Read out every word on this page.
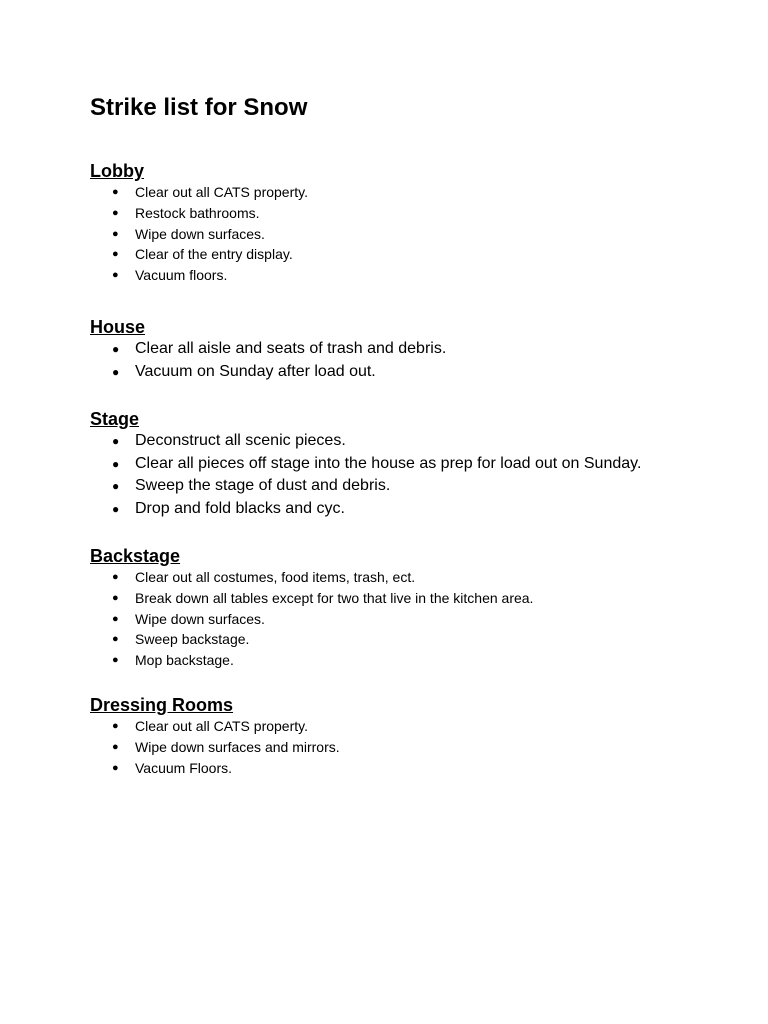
Strike list for Snow
Lobby
● Clear out all CATS property.
● Restock bathrooms.
● Wipe down surfaces.
● Clear of the entry display.
● Vacuum floors.
House
● Clear all aisle and seats of trash and debris.
● Vacuum on Sunday after load out.
Stage
● Deconstruct all scenic pieces.
● Clear all pieces off stage into the house as prep for load out on Sunday.
● Sweep the stage of dust and debris.
● Drop and fold blacks and cyc.
Backstage
● Clear out all costumes, food items, trash, ect.
● Break down all tables except for two that live in the kitchen area.
● Wipe down surfaces.
● Sweep backstage.
● Mop backstage.
Dressing Rooms
● Clear out all CATS property.
● Wipe down surfaces and mirrors.
● Vacuum Floors.
